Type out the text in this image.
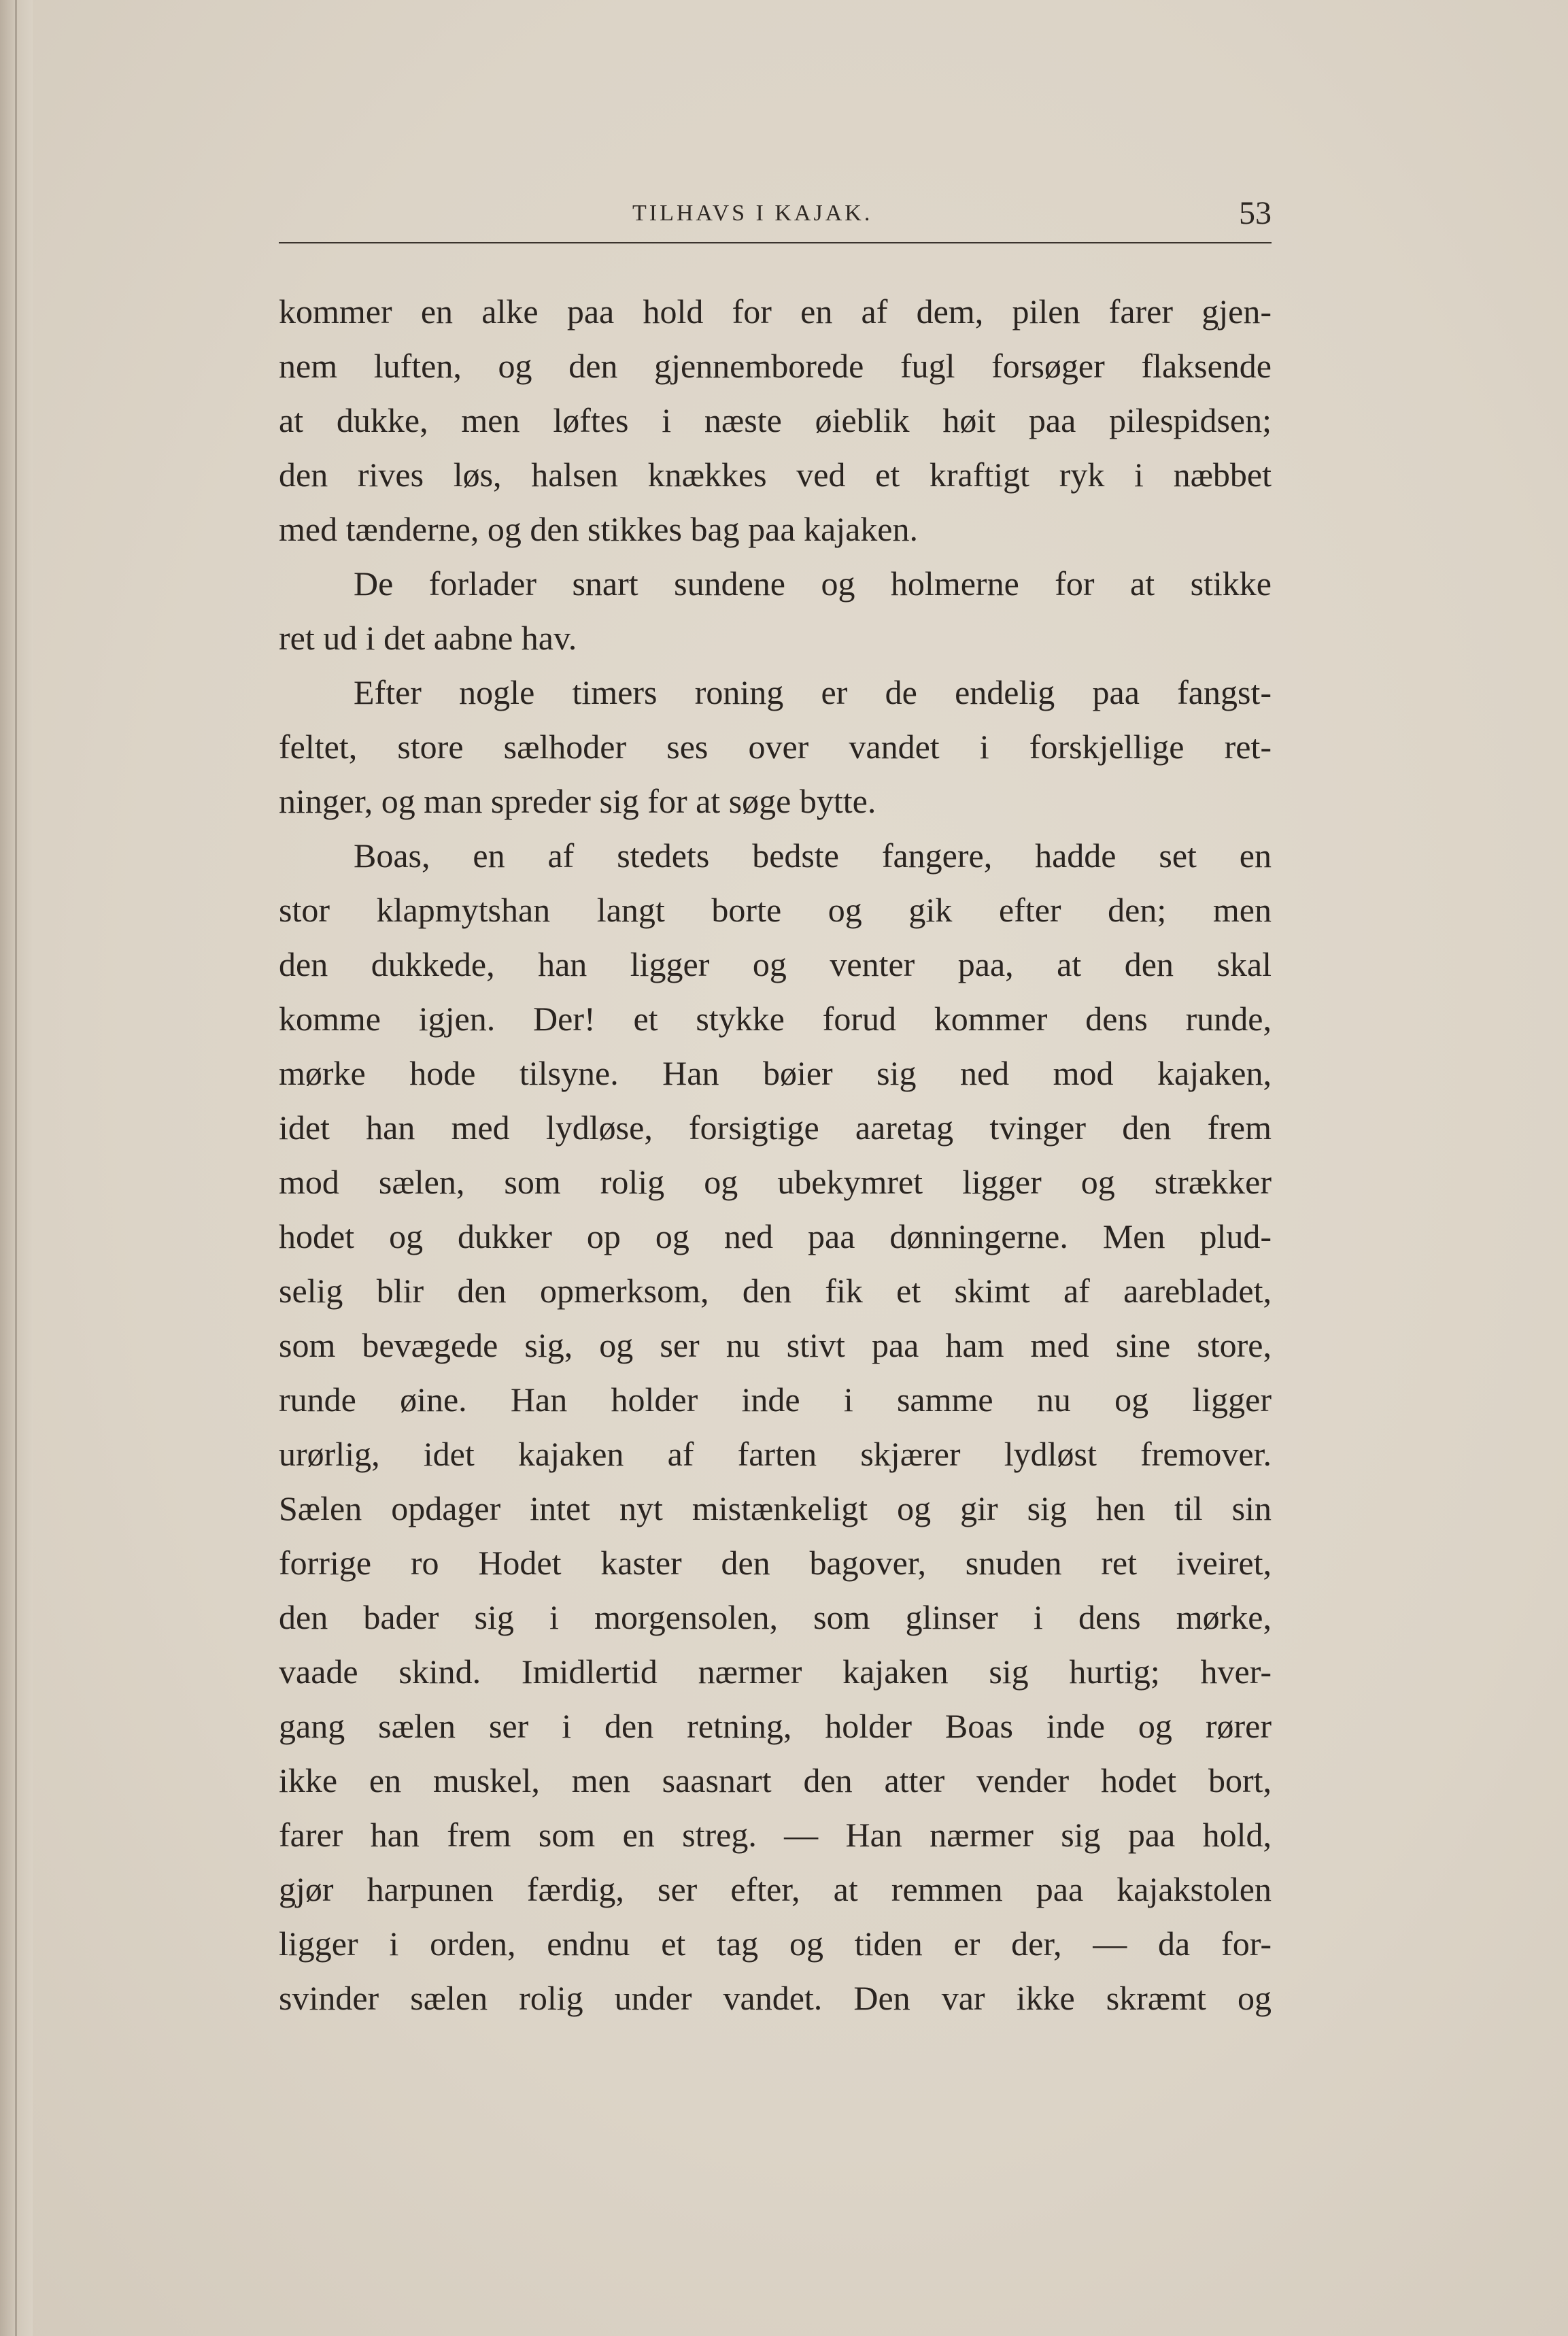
TILHAVS I KAJAK.	53
kommer en alke paa hold for en af dem, pilen farer gjen-
nem luften, og den gjennemborede fugl forsøger flaksende
at dukke, men løftes i næste øieblik høit paa pilespidsen;
den rives løs, halsen knækkes ved et kraftigt ryk i næbbet
med tænderne, og den stikkes bag paa kajaken.
De forlader snart sundene og holmerne for at stikke
ret ud i det aabne hav.
Efter nogle timers roning er de endelig paa fangst-
feltet, store sælhoder ses over vandet i forskjellige ret-
ninger, og man spreder sig for at søge bytte.
Boas, en af stedets bedste fangere, hadde set en
stor klapmytshan langt borte og gik efter den; men
den dukkede, han ligger og venter paa, at den skal
komme igjen. Der! et stykke forud kommer dens runde,
mørke hode tilsyne. Han bøier sig ned mod kajaken,
idet han med lydløse, forsigtige aaretag tvinger den frem
mod sælen, som rolig og ubekymret ligger og strækker
hodet og dukker op og ned paa dønningerne. Men plud-
selig blir den opmerksom, den fik et skimt af aarebladet,
som bevægede sig, og ser nu stivt paa ham med sine store,
runde øine. Han holder inde i samme nu og ligger
urørlig, idet kajaken af farten skjærer lydløst fremover.
Sælen opdager intet nyt mistænkeligt og gir sig hen til sin
forrige ro Hodet kaster den bagover, snuden ret iveiret,
den bader sig i morgensolen, som glinser i dens mørke,
vaade skind. Imidlertid nærmer kajaken sig hurtig; hver-
gang sælen ser i den retning, holder Boas inde og rører
ikke en muskel, men saasnart den atter vender hodet bort,
farer han frem som en streg. — Han nærmer sig paa hold,
gjør harpunen færdig, ser efter, at remmen paa kajakstolen
ligger i orden, endnu et tag og tiden er der, — da for-
svinder sælen rolig under vandet. Den var ikke skræmt og
